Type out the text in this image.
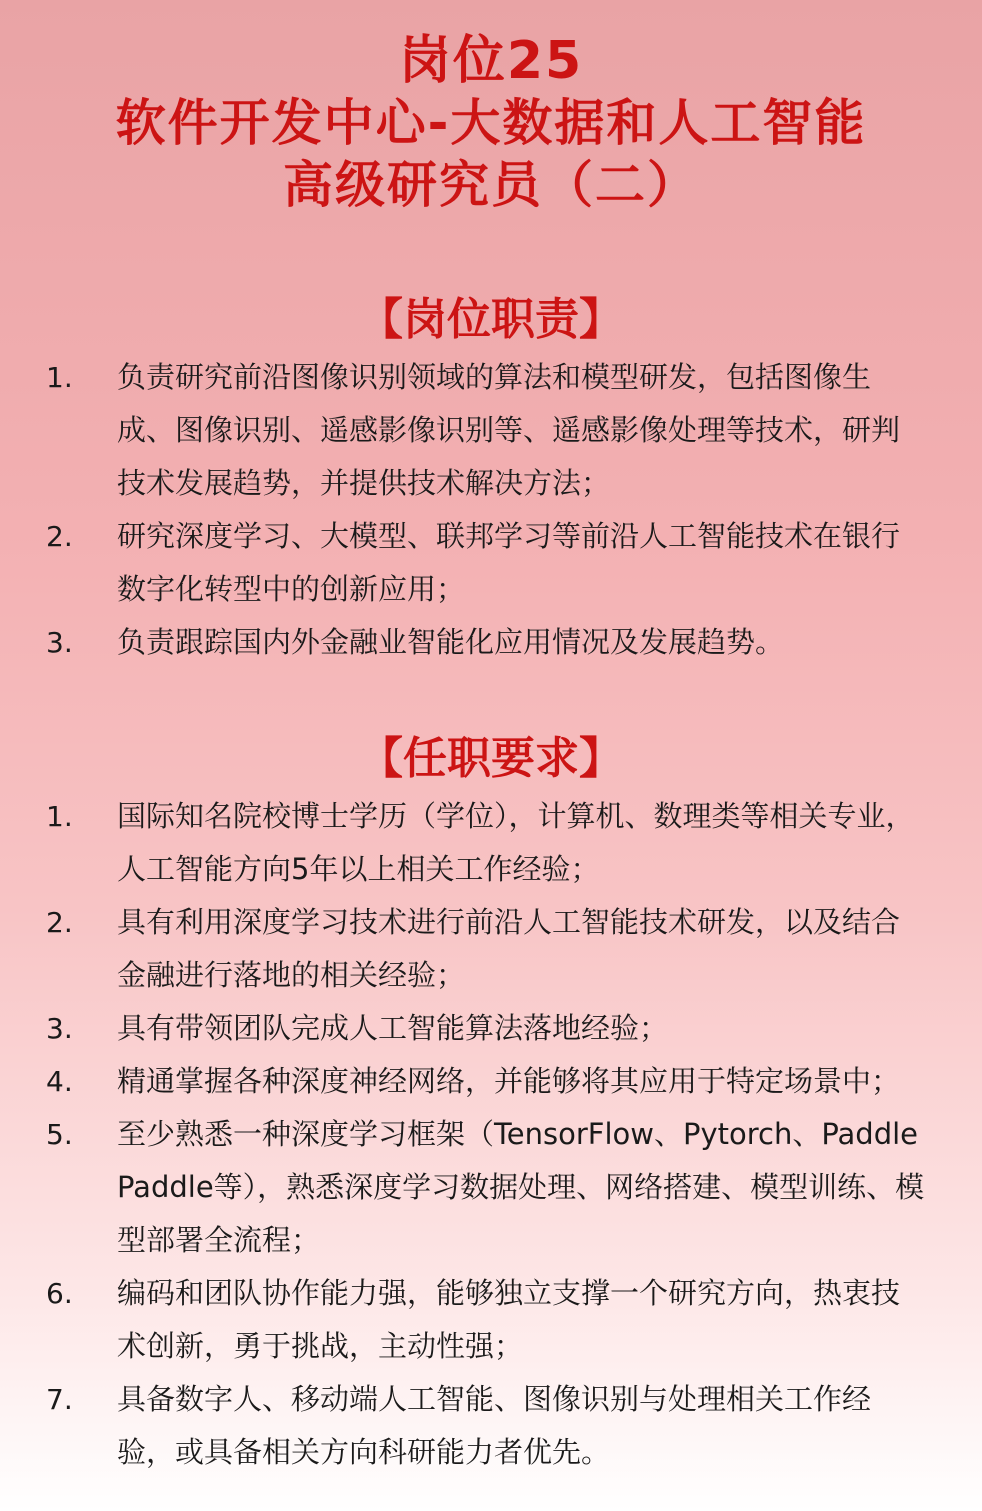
岗位25
软件开发中心-大数据和人工智能
高级研究员（二）
【岗位职责】
1. 负责研究前沿图像识别领域的算法和模型研发，包括图像生成、图像识别、遥感影像识别等、遥感影像处理等技术，研判技术发展趋势，并提供技术解决方法；
2. 研究深度学习、大模型、联邦学习等前沿人工智能技术在银行数字化转型中的创新应用；
3. 负责跟踪国内外金融业智能化应用情况及发展趋势。
【任职要求】
1. 国际知名院校博士学历（学位），计算机、数理类等相关专业，人工智能方向5年以上相关工作经验；
2. 具有利用深度学习技术进行前沿人工智能技术研发，以及结合金融进行落地的相关经验；
3. 具有带领团队完成人工智能算法落地经验；
4. 精通掌握各种深度神经网络，并能够将其应用于特定场景中；
5. 至少熟悉一种深度学习框架（TensorFlow、Pytorch、Paddle Paddle等），熟悉深度学习数据处理、网络搭建、模型训练、模型部署全流程；
6. 编码和团队协作能力强，能够独立支撑一个研究方向，热衷技术创新，勇于挑战，主动性强；
7. 具备数字人、移动端人工智能、图像识别与处理相关工作经验，或具备相关方向科研能力者优先。
